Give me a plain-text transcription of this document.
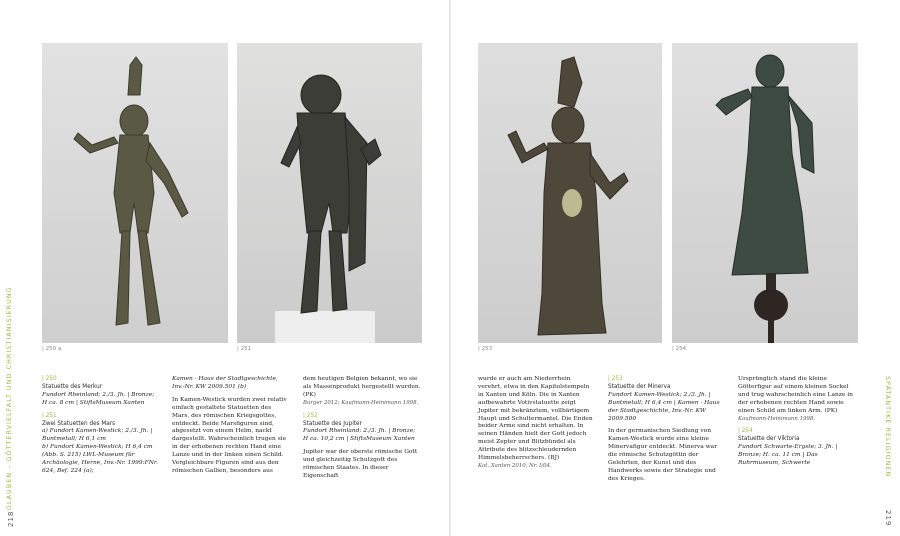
| 250 a	| 251	| 253	| 254
GLAUBEN – GÖTTERVIELFALT UND CHRISTIANISIERUNG	SPÄTANTIKE RELIGIONEN
218	219

| 250
Statuette des Merkur
Fundort Rheinland; 2./3. Jh. | Bronze; H ca. 8 cm | StiftsMuseum Xanten

| 251
Zwei Statuetten des Mars
a) Fundort Kamen-Westick; 2./3. Jh. | Buntmetall; H 6,1 cm
b) Fundort Kamen-Westick; H 6,4 cm (Abb. S. 215) LWL-Museum für Archäologie, Herne, Inv.-Nr. 1999:FNr. 624, Bef. 224 (a);

Kamen · Haus der Stadtgeschichte, Inv.-Nr. KW 2009.501 (b)

In Kamen-Westick wurden zwei relativ einfach gestaltete Statuetten des Mars, des römischen Kriegsgottes, entdeckt. Beide Marsfiguren sind, abgesetzt von einem Helm, nackt dargestellt. Wahrscheinlich trugen sie in der erhobenen rechten Hand eine Lanze und in der linken einen Schild. Vergleichbare Figuren sind aus den römischen Gallien, besonders aus

dem heutigen Belgien bekannt, wo sie als Massenprodukt hergestellt wurden. (PK)
Burger 2012; Kaufmann-Heinimann 1998.

| 252
Statuette des Jupiter
Fundort Rheinland; 2./3. Jh. | Bronze; H ca. 10,2 cm | StiftsMuseum Xanten

Jupiter war der oberste römische Gott und gleichzeitig Schutzgott des römischen Staates. In dieser Eigenschaft

wurde er auch am Niederrhein verehrt, etwa in den Kapitolstempeln in Xanten und Köln. Die in Xanten aufbewahrte Votivstatuette zeigt Jupiter mit bekränztem, vollbärtigem Haupt und Schultermantel. Die Enden beider Arme sind nicht erhalten. In seinen Händen hielt der Gott jedoch meist Zepter und Blitzbündel als Attribute des blitzschleudernden Himmelsbeherrschers. (BJ)
Kat. Xanten 2010, Nr. I/04.

| 253
Statuette der Minerva
Fundort Kamen-Westick; 2./3. Jh. | Buntmetall; H 6,4 cm | Kamen · Haus der Stadtgeschichte, Inv.-Nr. KW 2009.500

In der germanischen Siedlung von Kamen-Westick wurde eine kleine Minervafigur entdeckt. Minerva war die römische Schutzgöttin der Gelehrten, der Kunst und des Handwerks sowie der Strategie und des Krieges.

Ursprünglich stand die kleine Götterfigur auf einem kleinen Sockel und trug wahrscheinlich eine Lanze in der erhobenen rechten Hand sowie einen Schild am linken Arm. (PK)
Kaufmann-Heinimann 1998.

| 254
Statuette der Viktoria
Fundort Schwarte-Ergste; 3. Jh. | Bronze; H. ca. 11 cm | Das Ruhrmuseum, Schwerte
